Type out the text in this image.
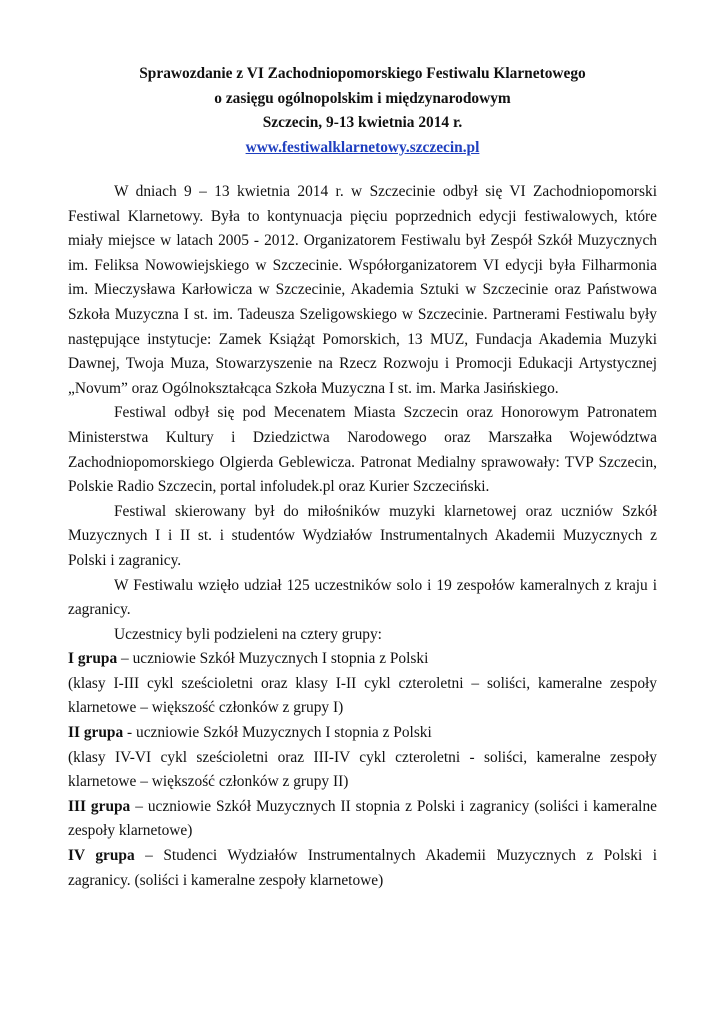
Sprawozdanie z VI Zachodniopomorskiego Festiwalu Klarnetowego
o zasięgu ogólnopolskim i międzynarodowym
Szczecin, 9-13 kwietnia 2014 r.
www.festiwalklarnetowy.szczecin.pl

W dniach 9 – 13 kwietnia 2014 r. w Szczecinie odbył się VI Zachodniopomorski Festiwal Klarnetowy. Była to kontynuacja pięciu poprzednich edycji festiwalowych, które miały miejsce w latach 2005 - 2012. Organizatorem Festiwalu był Zespół Szkół Muzycznych im. Feliksa Nowowiejskiego w Szczecinie. Współorganizatorem VI edycji była Filharmonia im. Mieczysława Karłowicza w Szczecinie, Akademia Sztuki w Szczecinie oraz Państwowa Szkoła Muzyczna I st. im. Tadeusza Szeligowskiego w Szczecinie. Partnerami Festiwalu były następujące instytucje: Zamek Książąt Pomorskich, 13 MUZ, Fundacja Akademia Muzyki Dawnej, Twoja Muza, Stowarzyszenie na Rzecz Rozwoju i Promocji Edukacji Artystycznej „Novum” oraz Ogólnokształcąca Szkoła Muzyczna I st. im. Marka Jasińskiego.

Festiwal odbył się pod Mecenatem Miasta Szczecin oraz Honorowym Patronatem Ministerstwa Kultury i Dziedzictwa Narodowego oraz Marszałka Województwa Zachodniopomorskiego Olgierda Geblewicza. Patronat Medialny sprawowały: TVP Szczecin, Polskie Radio Szczecin, portal infoludek.pl oraz Kurier Szczeciński.

Festiwal skierowany był do miłośników muzyki klarnetowej oraz uczniów Szkół Muzycznych I i II st. i studentów Wydziałów Instrumentalnych Akademii Muzycznych z Polski i zagranicy.

W Festiwalu wzięło udział 125 uczestników solo i 19 zespołów kameralnych z kraju i zagranicy.

Uczestnicy byli podzieleni na cztery grupy:

I grupa – uczniowie Szkół Muzycznych I stopnia z Polski

(klasy I-III cykl sześcioletni oraz klasy I-II cykl czteroletni – soliści, kameralne zespoły klarnetowe – większość członków z grupy I)

II grupa - uczniowie Szkół Muzycznych I stopnia z Polski

(klasy IV-VI cykl sześcioletni oraz III-IV cykl czteroletni - soliści, kameralne zespoły klarnetowe – większość członków z grupy II)

III grupa – uczniowie Szkół Muzycznych II stopnia z Polski i zagranicy (soliści i kameralne zespoły klarnetowe)

IV grupa – Studenci Wydziałów Instrumentalnych Akademii Muzycznych z Polski i zagranicy. (soliści i kameralne zespoły klarnetowe)
